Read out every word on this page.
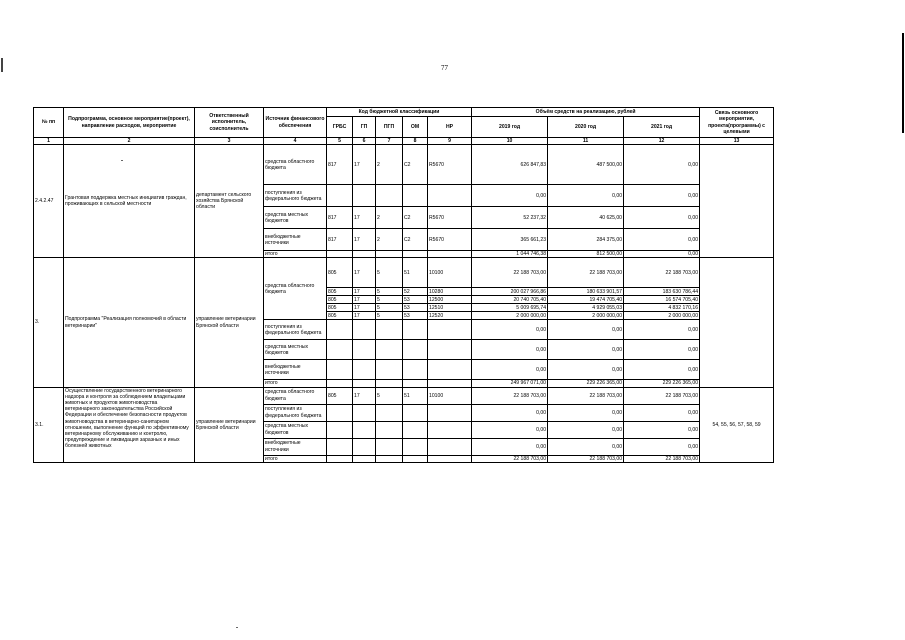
77
№ пп	Подпрограмма, основное мероприятие(проект), направление расходов, мероприятие	Ответственный исполнитель, соисполнитель	Источник финансового обеспечения	Код бюджетной классификации					Объём средств на реализацию, рублей			Связь основного мероприятия, проекта(программы) с целевыми
				ГРБС	ГП	ПГП	ОМ	НР	2019 год	2020 год	2021 год	
1	2	3	4	5	6	7	8	9	10	11	12	13
2.4.2.47	Грантовая поддержка местных инициатив граждан, проживающих в сельской местности	департамент сельского хозяйства Брянской области	средства областного бюджета	817	17	2	С2	R5670	626 847,83	487 500,00	0,00	
			поступления из федерального бюджета						0,00	0,00	0,00	
			средства местных бюджетов	817	17	2	С2	R5670	52 237,32	40 625,00	0,00	
			внебюджетные источники	817	17	2	С2	R5670	365 661,23	284 375,00	0,00	
			итого						1 044 746,38	812 500,00	0,00	
3.	Подпрограмма "Реализация полномочий в области ветеринарии"	управление ветеринарии Брянской области	средства областного бюджета	805	17	5	51	10100	22 188 703,00	22 188 703,00	22 188 703,00	
				805	17	5	52	10280	200 027 966,86	180 633 901,57	183 630 786,44	
				805	17	5	53	12500	20 740 705,40	19 474 705,40	16 574 705,40	
				805	17	5	53	12510	5 009 695,74	4 929 055,03	4 832 170,16	
				805	17	5	53	12520	2 000 000,00	2 000 000,00	2 000 000,00	
			поступления из федерального бюджета						0,00	0,00	0,00	
			средства местных бюджетов						0,00	0,00	0,00	
			внебюджетные источники						0,00	0,00	0,00	
			итого						249 967 071,00	229 226 365,00	229 226 365,00	
3.1.	Осуществление государственного ветеринарного надзора и контроля за соблюдением владельцами животных и продуктов животноводства ветеринарного законодательства Российской Федерации и обеспечение безопасности продуктов животноводства в ветеринарно-санитарном отношении, выполнение функций по эффективному ветеринарному обслуживанию и контролю, предупреждение и ликвидация заразных и иных болезней животных	управление ветеринарии Брянской области	средства областного бюджета	805	17	5	51	10100	22 188 703,00	22 188 703,00	22 188 703,00	54, 55, 56, 57, 58, 59
			поступления из федерального бюджета						0,00	0,00	0,00	
			средства местных бюджетов						0,00	0,00	0,00	
			внебюджетные источники						0,00	0,00	0,00	
			итого						22 188 703,00	22 188 703,00	22 188 703,00	
